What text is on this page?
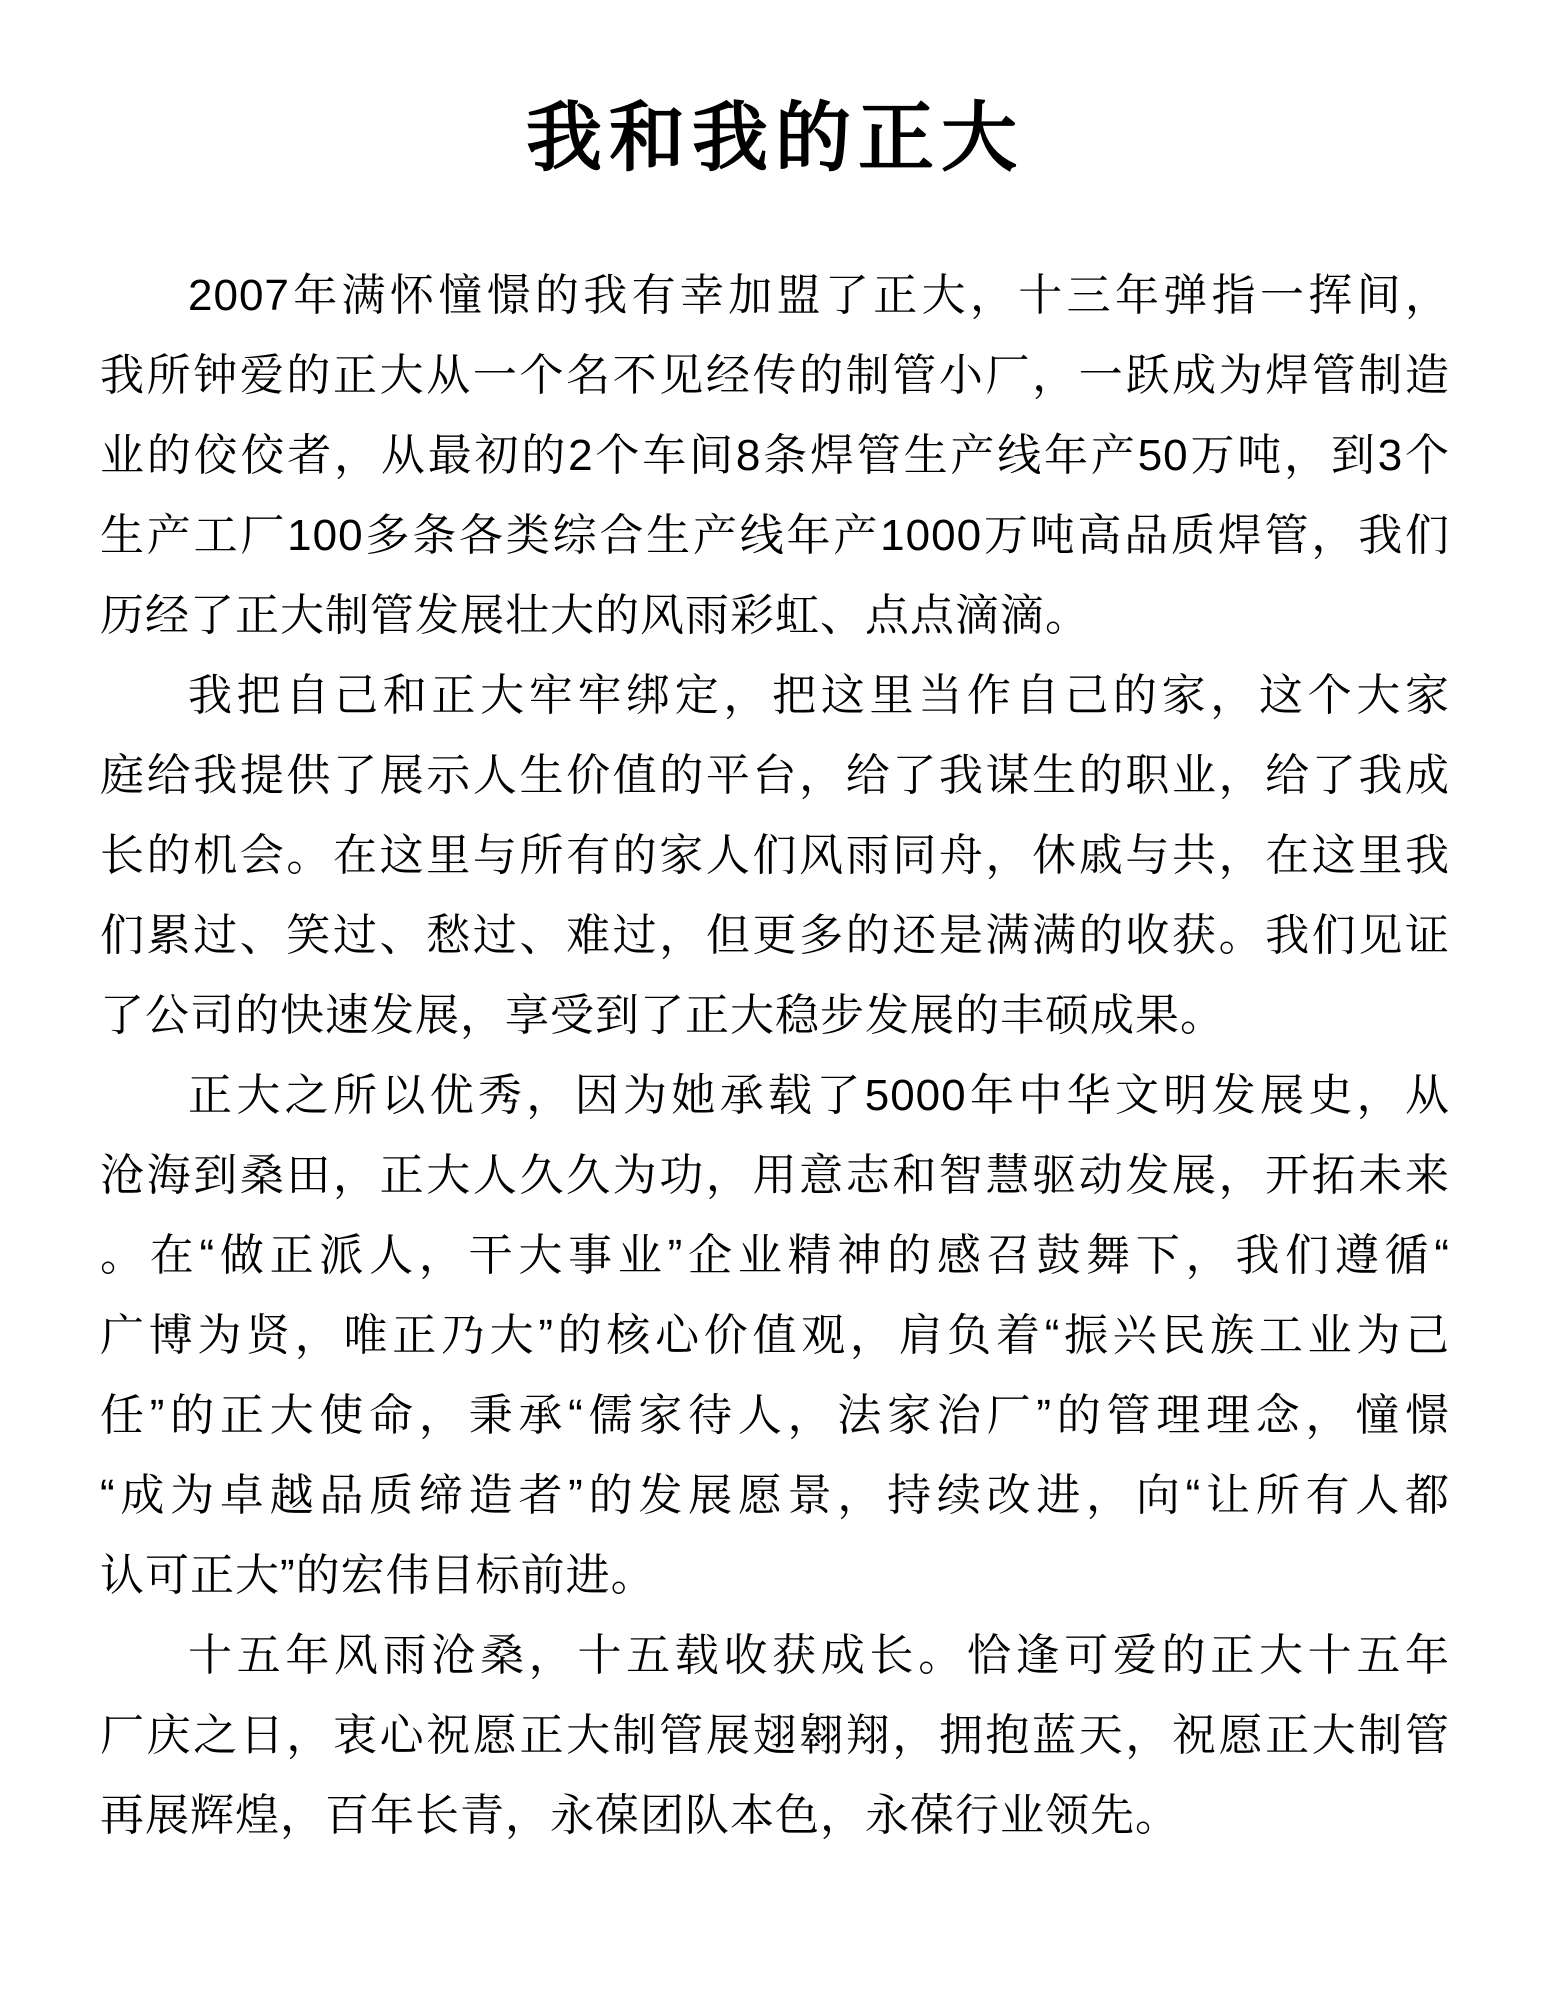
我和我的正大
2007年满怀憧憬的我有幸加盟了正大，十三年弹指一挥间，
我所钟爱的正大从一个名不见经传的制管小厂，一跃成为焊管制造
业的佼佼者，从最初的2个车间8条焊管生产线年产50万吨，到3个
生产工厂100多条各类综合生产线年产1000万吨高品质焊管，我们
历经了正大制管发展壮大的风雨彩虹、点点滴滴。
我把自己和正大牢牢绑定，把这里当作自己的家，这个大家
庭给我提供了展示人生价值的平台，给了我谋生的职业，给了我成
长的机会。在这里与所有的家人们风雨同舟，休戚与共，在这里我
们累过、笑过、愁过、难过，但更多的还是满满的收获。我们见证
了公司的快速发展，享受到了正大稳步发展的丰硕成果。
正大之所以优秀，因为她承载了5000年中华文明发展史，从
沧海到桑田，正大人久久为功，用意志和智慧驱动发展，开拓未来
。在“做正派人，干大事业”企业精神的感召鼓舞下，我们遵循“
广博为贤，唯正乃大”的核心价值观，肩负着“振兴民族工业为己
任”的正大使命，秉承“儒家待人，法家治厂”的管理理念，憧憬
“成为卓越品质缔造者”的发展愿景，持续改进，向“让所有人都
认可正大”的宏伟目标前进。
十五年风雨沧桑，十五载收获成长。恰逢可爱的正大十五年
厂庆之日，衷心祝愿正大制管展翅翱翔，拥抱蓝天，祝愿正大制管
再展辉煌，百年长青，永葆团队本色，永葆行业领先。
